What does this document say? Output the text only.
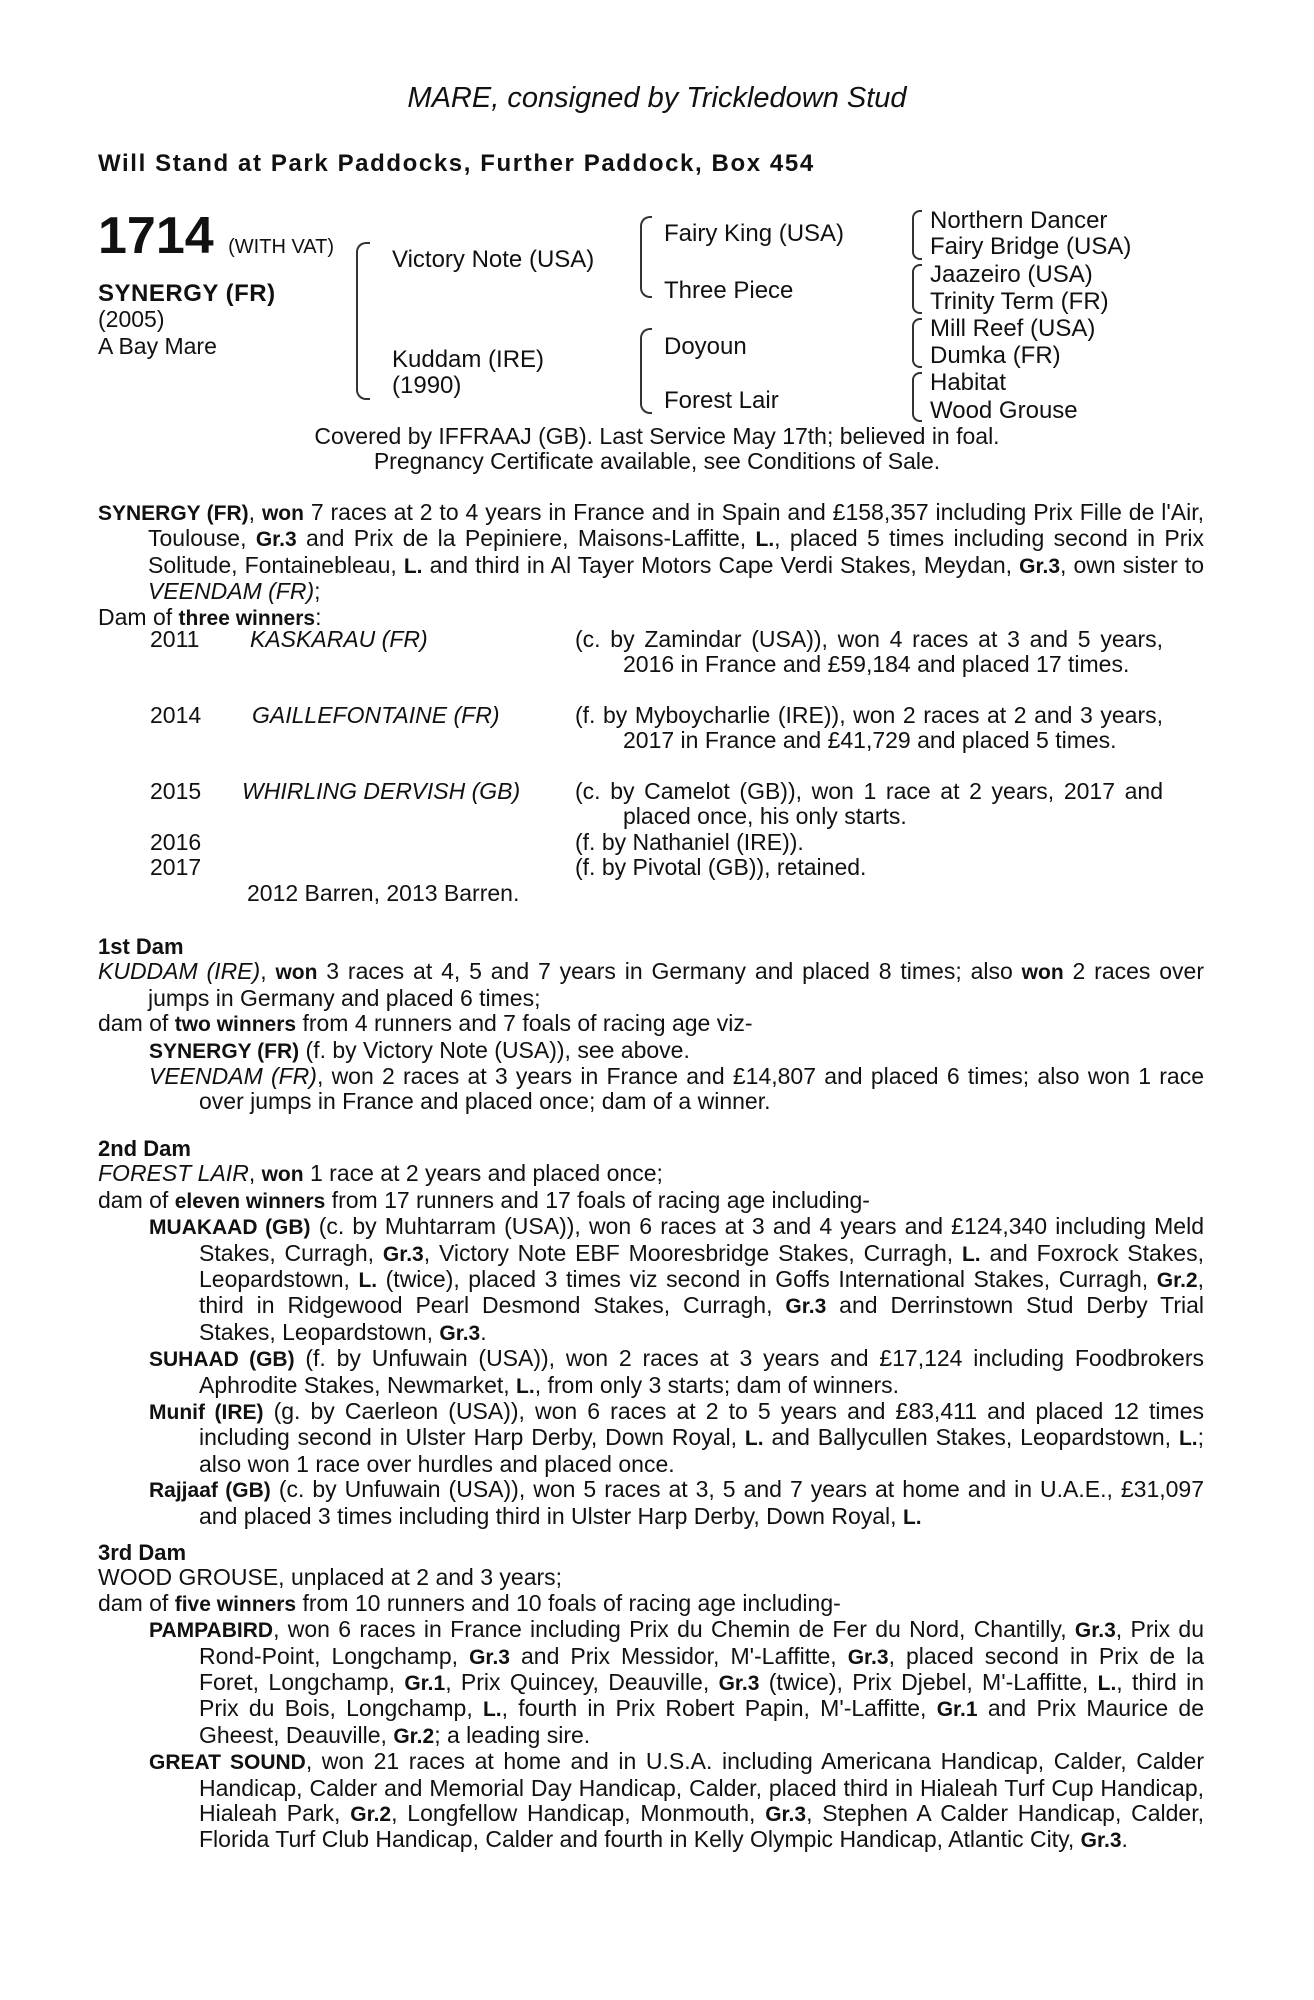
MARE, consigned by Trickledown Stud
Will Stand at Park Paddocks, Further Paddock, Box 454
1714 (WITH VAT)
SYNERGY (FR)
(2005)
A Bay Mare
Victory Note (USA)
Kuddam (IRE)
(1990)
Fairy King (USA)
Three Piece
Doyoun
Forest Lair
Northern Dancer
Fairy Bridge (USA)
Jaazeiro (USA)
Trinity Term (FR)
Mill Reef (USA)
Dumka (FR)
Habitat
Wood Grouse
Covered by IFFRAAJ (GB). Last Service May 17th; believed in foal.
Pregnancy Certificate available, see Conditions of Sale.

SYNERGY (FR), won 7 races at 2 to 4 years in France and in Spain and £158,357 including Prix Fille de l'Air, Toulouse, Gr.3 and Prix de la Pepiniere, Maisons-Laffitte, L., placed 5 times including second in Prix Solitude, Fontainebleau, L. and third in Al Tayer Motors Cape Verdi Stakes, Meydan, Gr.3, own sister to VEENDAM (FR);

Dam of three winners:

2011 KASKARAU (FR)	(c. by Zamindar (USA)), won 4 races at 3 and 5 years, 2016 in France and £59,184 and placed 17 times.
2014 GAILLEFONTAINE (FR)	(f. by Myboycharlie (IRE)), won 2 races at 2 and 3 years, 2017 in France and £41,729 and placed 5 times.
2015 WHIRLING DERVISH (GB) (c. by Camelot (GB)), won 1 race at 2 years, 2017 and placed once, his only starts.
2016	(f. by Nathaniel (IRE)).
2017	(f. by Pivotal (GB)), retained.
2012 Barren, 2013 Barren.

1st Dam

KUDDAM (IRE), won 3 races at 4, 5 and 7 years in Germany and placed 8 times; also won 2 races over jumps in Germany and placed 6 times;

dam of two winners from 4 runners and 7 foals of racing age viz-

SYNERGY (FR) (f. by Victory Note (USA)), see above.

VEENDAM (FR), won 2 races at 3 years in France and £14,807 and placed 6 times; also won 1 race over jumps in France and placed once; dam of a winner.

2nd Dam

FOREST LAIR, won 1 race at 2 years and placed once;

dam of eleven winners from 17 runners and 17 foals of racing age including-

MUAKAAD (GB) (c. by Muhtarram (USA)), won 6 races at 3 and 4 years and £124,340 including Meld Stakes, Curragh, Gr.3, Victory Note EBF Mooresbridge Stakes, Curragh, L. and Foxrock Stakes, Leopardstown, L. (twice), placed 3 times viz second in Goffs International Stakes, Curragh, Gr.2, third in Ridgewood Pearl Desmond Stakes, Curragh, Gr.3 and Derrinstown Stud Derby Trial Stakes, Leopardstown, Gr.3.

SUHAAD (GB) (f. by Unfuwain (USA)), won 2 races at 3 years and £17,124 including Foodbrokers Aphrodite Stakes, Newmarket, L., from only 3 starts; dam of winners.

Munif (IRE) (g. by Caerleon (USA)), won 6 races at 2 to 5 years and £83,411 and placed 12 times including second in Ulster Harp Derby, Down Royal, L. and Ballycullen Stakes, Leopardstown, L.; also won 1 race over hurdles and placed once.

Rajjaaf (GB) (c. by Unfuwain (USA)), won 5 races at 3, 5 and 7 years at home and in U.A.E., £31,097 and placed 3 times including third in Ulster Harp Derby, Down Royal, L.

3rd Dam

WOOD GROUSE, unplaced at 2 and 3 years;

dam of five winners from 10 runners and 10 foals of racing age including-

PAMPABIRD, won 6 races in France including Prix du Chemin de Fer du Nord, Chantilly, Gr.3, Prix du Rond-Point, Longchamp, Gr.3 and Prix Messidor, M'-Laffitte, Gr.3, placed second in Prix de la Foret, Longchamp, Gr.1, Prix Quincey, Deauville, Gr.3 (twice), Prix Djebel, M'-Laffitte, L., third in Prix du Bois, Longchamp, L., fourth in Prix Robert Papin, M'-Laffitte, Gr.1 and Prix Maurice de Gheest, Deauville, Gr.2; a leading sire.

GREAT SOUND, won 21 races at home and in U.S.A. including Americana Handicap, Calder, Calder Handicap, Calder and Memorial Day Handicap, Calder, placed third in Hialeah Turf Cup Handicap, Hialeah Park, Gr.2, Longfellow Handicap, Monmouth, Gr.3, Stephen A Calder Handicap, Calder, Florida Turf Club Handicap, Calder and fourth in Kelly Olympic Handicap, Atlantic City, Gr.3.
